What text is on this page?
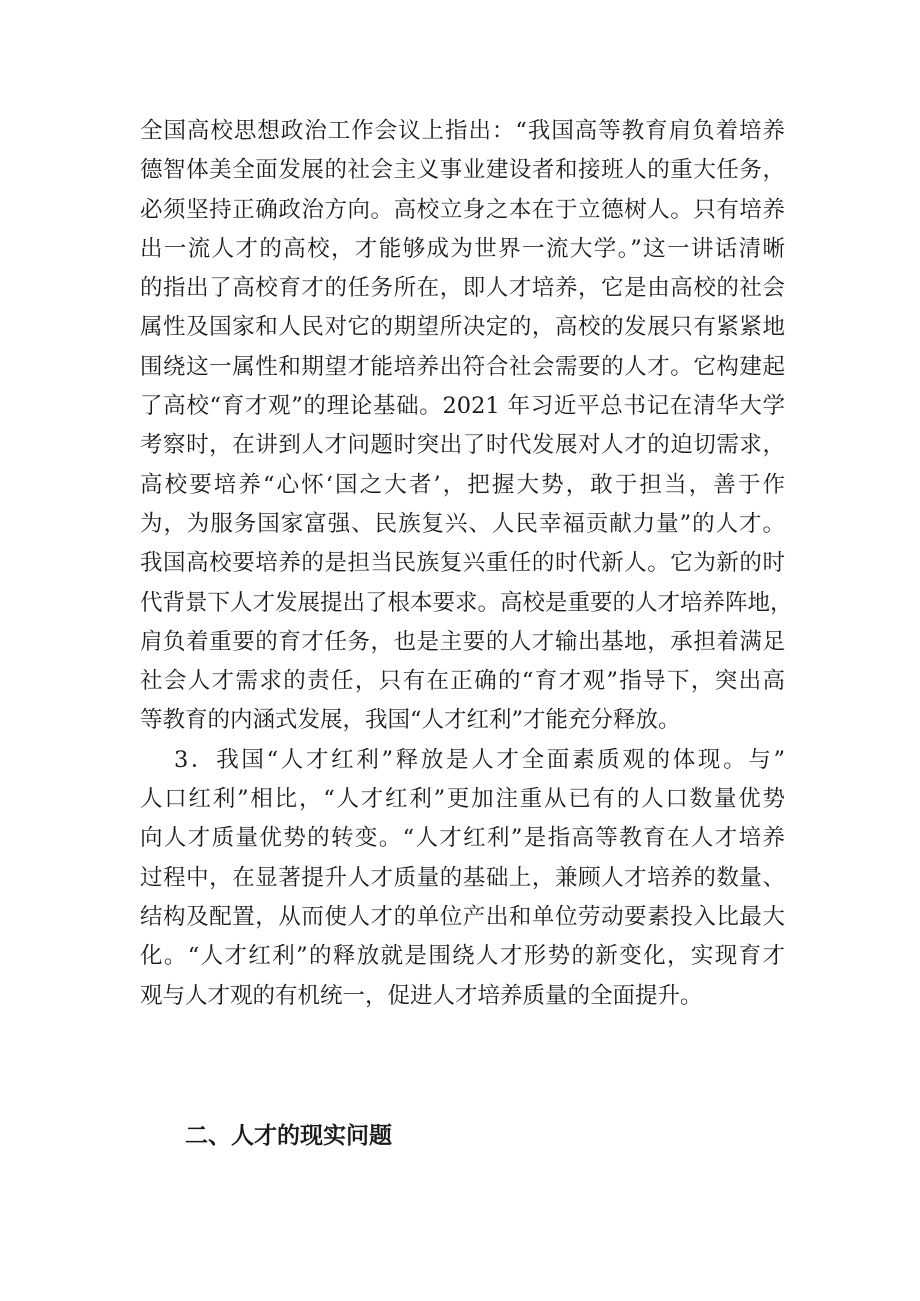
全国高校思想政治工作会议上指出：“我国高等教育肩负着培养
德智体美全面发展的社会主义事业建设者和接班人的重大任务，
必须坚持正确政治方向。高校立身之本在于立德树人。只有培养
出一流人才的高校，才能够成为世界一流大学。”这一讲话清晰
的指出了高校育才的任务所在，即人才培养，它是由高校的社会
属性及国家和人民对它的期望所决定的，高校的发展只有紧紧地
围绕这一属性和期望才能培养出符合社会需要的人才。它构建起
了高校“育才观”的理论基础。2021 年习近平总书记在清华大学
考察时，在讲到人才问题时突出了时代发展对人才的迫切需求，
高校要培养“心怀‘国之大者’，把握大势，敢于担当，善于作
为，为服务国家富强、民族复兴、人民幸福贡献力量”的人才。
我国高校要培养的是担当民族复兴重任的时代新人。它为新的时
代背景下人才发展提出了根本要求。高校是重要的人才培养阵地，
肩负着重要的育才任务，也是主要的人才输出基地，承担着满足
社会人才需求的责任，只有在正确的“育才观”指导下，突出高
等教育的内涵式发展，我国“人才红利”才能充分释放。
3．我国“人才红利”释放是人才全面素质观的体现。与”
人口红利”相比，“人才红利”更加注重从已有的人口数量优势
向人才质量优势的转变。“人才红利”是指高等教育在人才培养
过程中，在显著提升人才质量的基础上，兼顾人才培养的数量、
结构及配置，从而使人才的单位产出和单位劳动要素投入比最大
化。“人才红利”的释放就是围绕人才形势的新变化，实现育才
观与人才观的有机统一，促进人才培养质量的全面提升。
二、人才的现实问题
